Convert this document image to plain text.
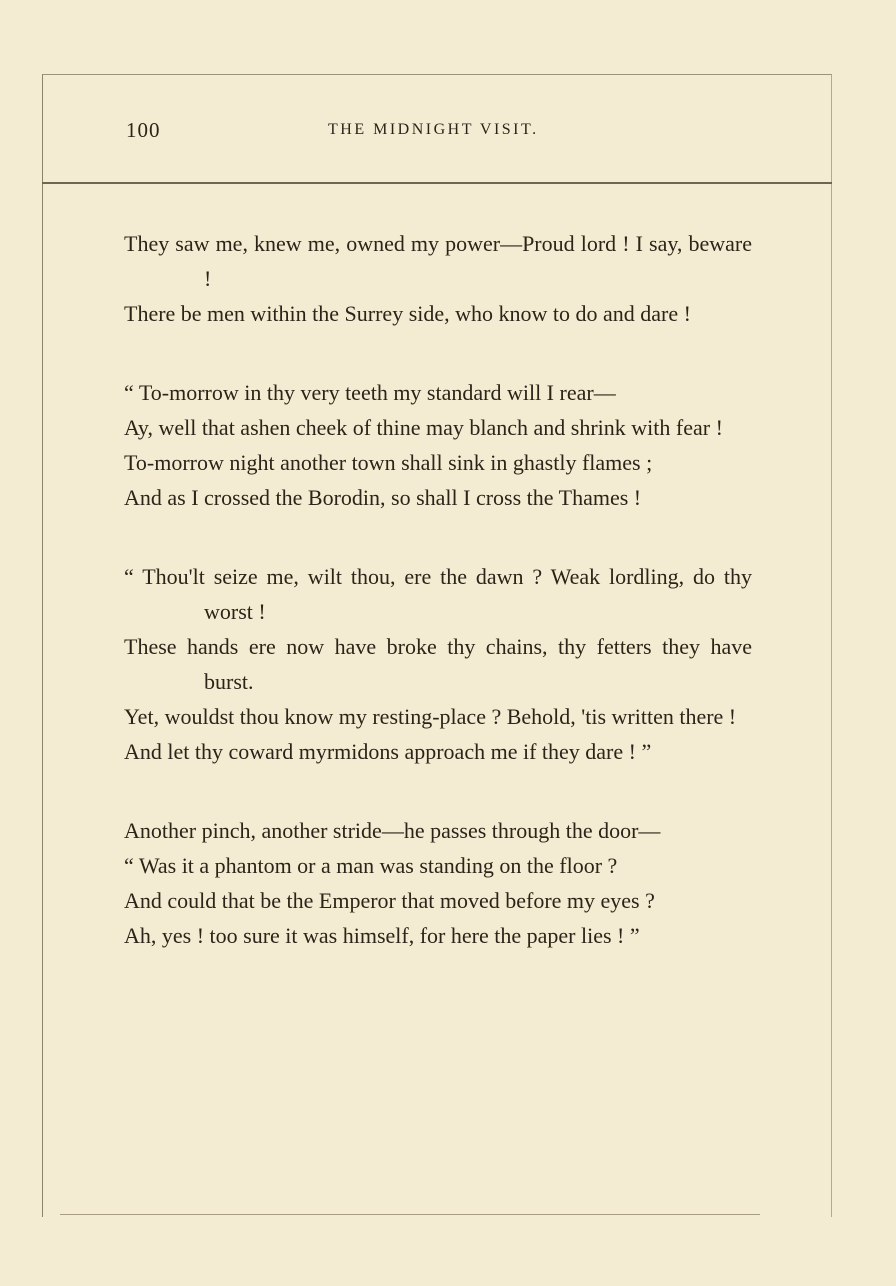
100	THE MIDNIGHT VISIT.
They saw me, knew me, owned my power—Proud lord ! I say, beware !
There be men within the Surrey side, who know to do and dare !
“ To-morrow in thy very teeth my standard will I rear—
Ay, well that ashen cheek of thine may blanch and shrink with fear !
To-morrow night another town shall sink in ghastly flames ;
And as I crossed the Borodin, so shall I cross the Thames !
“ Thou'lt seize me, wilt thou, ere the dawn ? Weak lordling, do thy worst !
These hands ere now have broke thy chains, thy fetters they have burst.
Yet, wouldst thou know my resting-place ? Behold, 'tis written there !
And let thy coward myrmidons approach me if they dare ! ”
Another pinch, another stride—he passes through the door—
“ Was it a phantom or a man was standing on the floor ?
And could that be the Emperor that moved before my eyes ?
Ah, yes ! too sure it was himself, for here the paper lies ! ”
